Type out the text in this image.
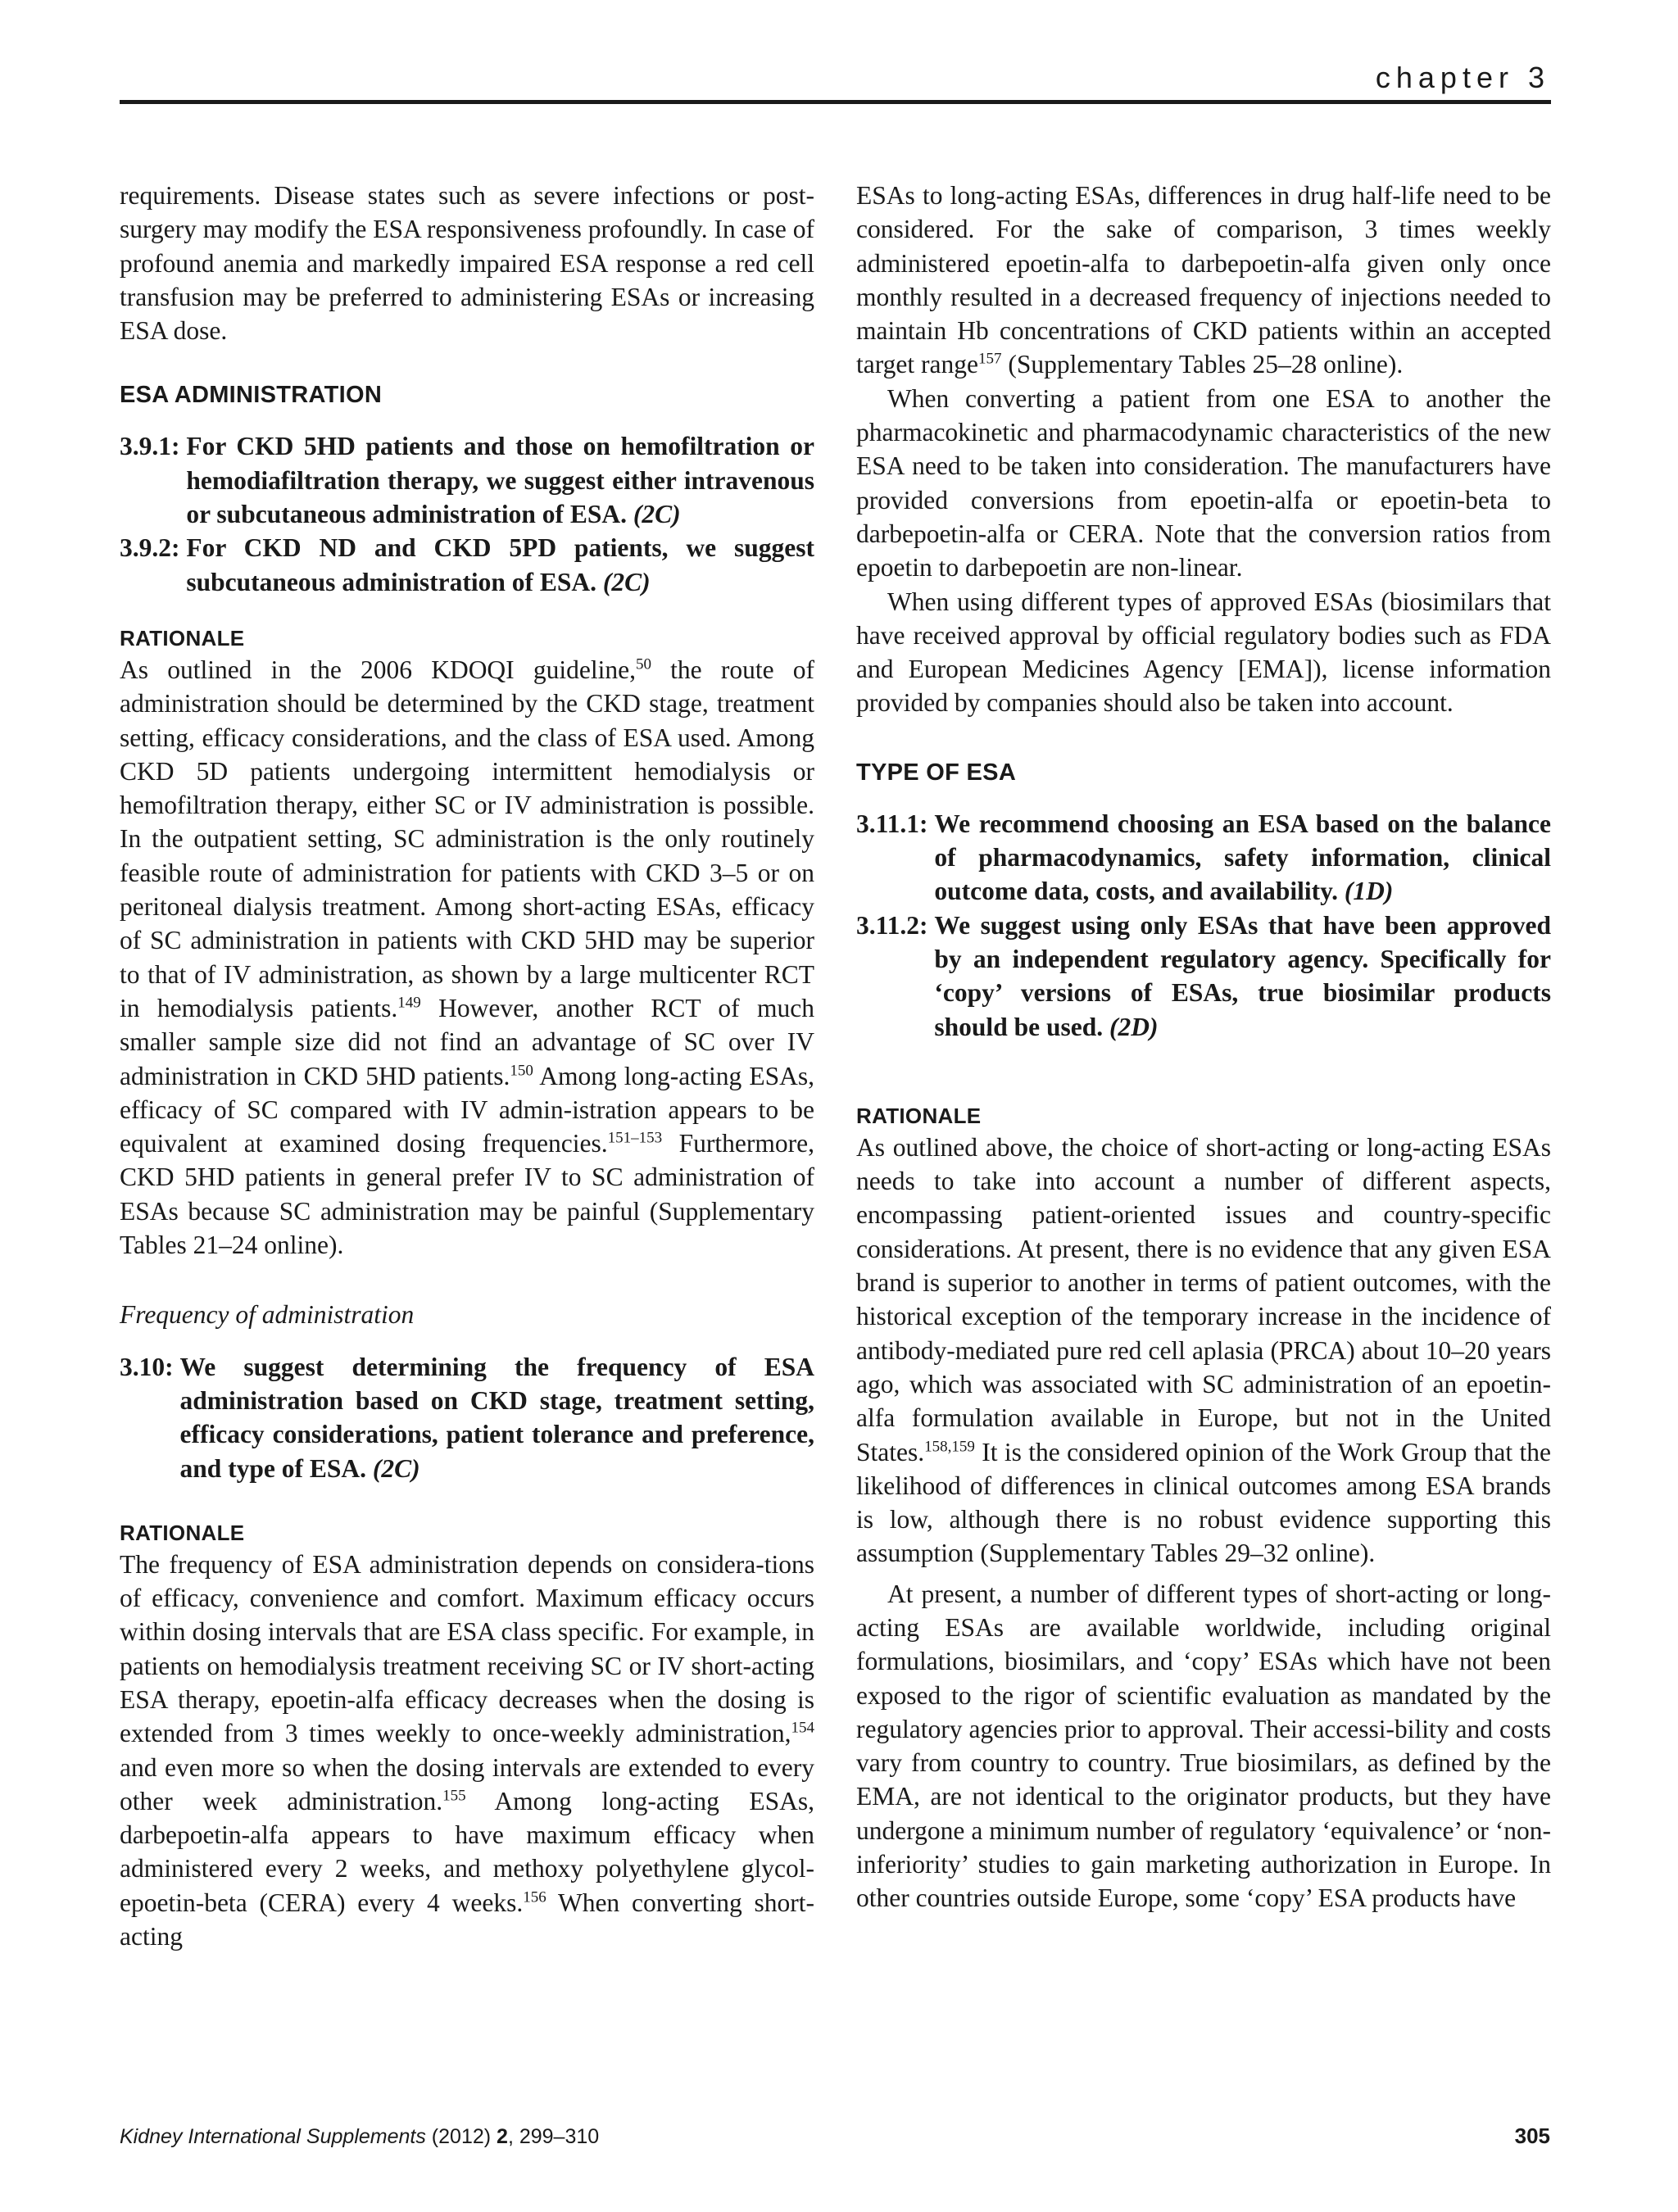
chapter 3

requirements. Disease states such as severe infections or post-surgery may modify the ESA responsiveness profoundly. In case of profound anemia and markedly impaired ESA response a red cell transfusion may be preferred to administering ESAs or increasing ESA dose.

ESA ADMINISTRATION
3.9.1: For CKD 5HD patients and those on hemofiltration or hemodiafiltration therapy, we suggest either intravenous or subcutaneous administration of ESA. (2C)
3.9.2: For CKD ND and CKD 5PD patients, we suggest subcutaneous administration of ESA. (2C)
RATIONALE

As outlined in the 2006 KDOQI guideline,$^{50}$ the route of administration should be determined by the CKD stage, treatment setting, efficacy considerations, and the class of ESA used. Among CKD 5D patients undergoing intermittent hemodialysis or hemofiltration therapy, either SC or IV administration is possible. In the outpatient setting, SC administration is the only routinely feasible route of administration for patients with CKD 3–5 or on peritoneal dialysis treatment. Among short-acting ESAs, efficacy of SC administration in patients with CKD 5HD may be superior to that of IV administration, as shown by a large multicenter RCT in hemodialysis patients.$^{149}$ However, another RCT of much smaller sample size did not find an advantage of SC over IV administration in CKD 5HD patients.$^{150}$ Among long-acting ESAs, efficacy of SC compared with IV admin-istration appears to be equivalent at examined dosing frequencies.$^{151-153}$ Furthermore, CKD 5HD patients in general prefer IV to SC administration of ESAs because SC administration may be painful (Supplementary Tables 21–24 online).

Frequency of administration
3.10: We suggest determining the frequency of ESA administration based on CKD stage, treatment setting, efficacy considerations, patient tolerance and preference, and type of ESA. (2C)
RATIONALE

The frequency of ESA administration depends on considera-tions of efficacy, convenience and comfort. Maximum efficacy occurs within dosing intervals that are ESA class specific. For example, in patients on hemodialysis treatment receiving SC or IV short-acting ESA therapy, epoetin-alfa efficacy decreases when the dosing is extended from 3 times weekly to once-weekly administration,$^{154}$ and even more so when the dosing intervals are extended to every other week administration.$^{155}$ Among long-acting ESAs, darbepoetin-alfa appears to have maximum efficacy when administered every 2 weeks, and methoxy polyethylene glycol-epoetin-beta (CERA) every 4 weeks.$^{156}$ When converting short-acting

ESAs to long-acting ESAs, differences in drug half-life need to be considered. For the sake of comparison, 3 times weekly administered epoetin-alfa to darbepoetin-alfa given only once monthly resulted in a decreased frequency of injections needed to maintain Hb concentrations of CKD patients within an accepted target range$^{157}$ (Supplementary Tables 25–28 online).

When converting a patient from one ESA to another the pharmacokinetic and pharmacodynamic characteristics of the new ESA need to be taken into consideration. The manufacturers have provided conversions from epoetin-alfa or epoetin-beta to darbepoetin-alfa or CERA. Note that the conversion ratios from epoetin to darbepoetin are non-linear.

When using different types of approved ESAs (biosimilars that have received approval by official regulatory bodies such as FDA and European Medicines Agency [EMA]), license information provided by companies should also be taken into account.

TYPE OF ESA
3.11.1: We recommend choosing an ESA based on the balance of pharmacodynamics, safety information, clinical outcome data, costs, and availability. (1D)
3.11.2: We suggest using only ESAs that have been approved by an independent regulatory agency. Specifically for ‘copy’ versions of ESAs, true biosimilar products should be used. (2D)
RATIONALE

As outlined above, the choice of short-acting or long-acting ESAs needs to take into account a number of different aspects, encompassing patient-oriented issues and country-specific considerations. At present, there is no evidence that any given ESA brand is superior to another in terms of patient outcomes, with the historical exception of the temporary increase in the incidence of antibody-mediated pure red cell aplasia (PRCA) about 10–20 years ago, which was associated with SC administration of an epoetin-alfa formulation available in Europe, but not in the United States.$^{158,159}$ It is the considered opinion of the Work Group that the likelihood of differences in clinical outcomes among ESA brands is low, although there is no robust evidence supporting this assumption (Supplementary Tables 29–32 online).

At present, a number of different types of short-acting or long-acting ESAs are available worldwide, including original formulations, biosimilars, and ‘copy’ ESAs which have not been exposed to the rigor of scientific evaluation as mandated by the regulatory agencies prior to approval. Their accessi-bility and costs vary from country to country. True biosimilars, as defined by the EMA, are not identical to the originator products, but they have undergone a minimum number of regulatory ‘equivalence’ or ‘non-inferiority’ studies to gain marketing authorization in Europe. In other countries outside Europe, some ‘copy’ ESA products have

Kidney International Supplements (2012) 2, 299–310	305
